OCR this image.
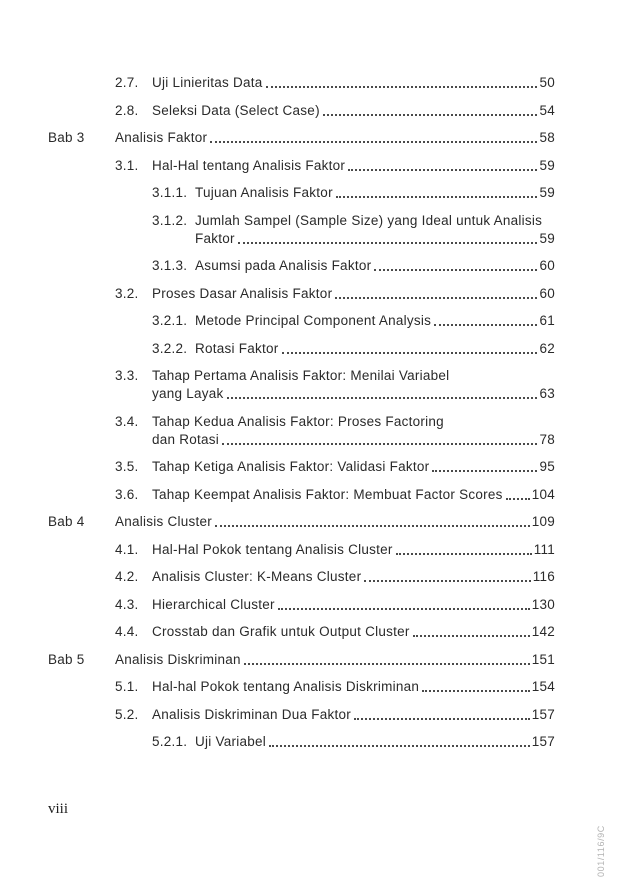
2.7. Uji Linieritas Data	50
2.8. Seleksi Data (Select Case)	54
Bab 3	Analisis Faktor	58
3.1. Hal-Hal tentang Analisis Faktor	59
3.1.1. Tujuan Analisis Faktor	59
3.1.2. Jumlah Sampel (Sample Size) yang Ideal untuk Analisis
Faktor	59
3.1.3. Asumsi pada Analisis Faktor	60
3.2. Proses Dasar Analisis Faktor	60
3.2.1. Metode Principal Component Analysis	61
3.2.2. Rotasi Faktor	62
3.3. Tahap Pertama Analisis Faktor: Menilai Variabel
yang Layak	63
3.4. Tahap Kedua Analisis Faktor: Proses Factoring
dan Rotasi	78
3.5. Tahap Ketiga Analisis Faktor: Validasi Faktor	95
3.6. Tahap Keempat Analisis Faktor: Membuat Factor Scores 104
Bab 4	Analisis Cluster	109
4.1. Hal-Hal Pokok tentang Analisis Cluster	111
4.2. Analisis Cluster: K-Means Cluster	116
4.3. Hierarchical Cluster	130
4.4. Crosstab dan Grafik untuk Output Cluster	142
Bab 5	Analisis Diskriminan	151
5.1. Hal-hal Pokok tentang Analisis Diskriminan	154
5.2. Analisis Diskriminan Dua Faktor	157
5.2.1. Uji Variabel	157
viii
001/116/9C
